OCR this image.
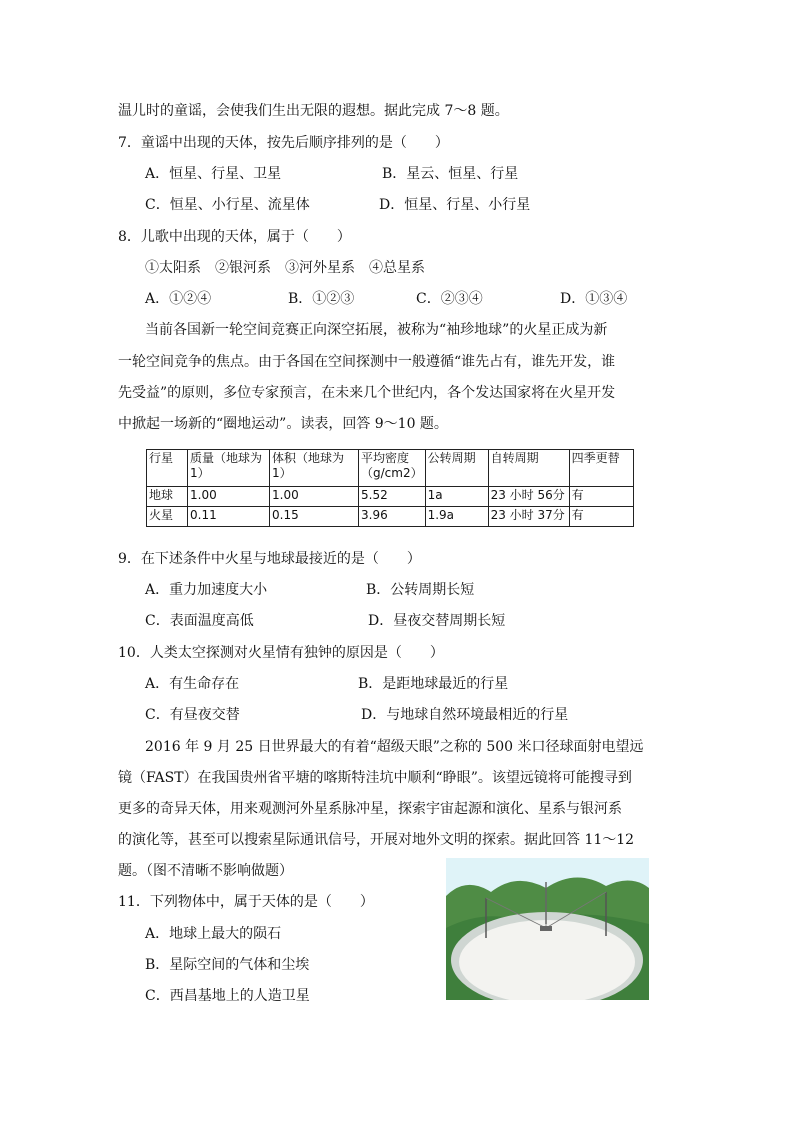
温儿时的童谣，会使我们生出无限的遐想。据此完成 7～8 题。
7．童谣中出现的天体，按先后顺序排列的是（　　）
A．恒星、行星、卫星	B．星云、恒星、行星
C．恒星、小行星、流星体	D．恒星、行星、小行星
8．儿歌中出现的天体，属于（　　）
①太阳系　②银河系　③河外星系　④总星系
A．①②④	B．①②③	C．②③④	D．①③④
当前各国新一轮空间竞赛正向深空拓展，被称为“袖珍地球”的火星正成为新
一轮空间竞争的焦点。由于各国在空间探测中一般遵循“谁先占有，谁先开发，谁
先受益”的原则，多位专家预言，在未来几个世纪内，各个发达国家将在火星开发
中掀起一场新的“圈地运动”。读表，回答 9～10 题。
行星	质量（地球为 1）	体积（地球为 1）	平均密度（g/cm2）	公转周期	自转周期	四季更替
地球	1.00	1.00	5.52	1a	23 小时 56分	有
火星	0.11	0.15	3.96	1.9a	23 小时 37分	有
9．在下述条件中火星与地球最接近的是（　　）
A．重力加速度大小	B．公转周期长短
C．表面温度高低	D．昼夜交替周期长短
10．人类太空探测对火星情有独钟的原因是（　　）
A．有生命存在	B．是距地球最近的行星
C．有昼夜交替	D．与地球自然环境最相近的行星
2016 年 9 月 25 日世界最大的有着“超级天眼”之称的 500 米口径球面射电望远
镜（FAST）在我国贵州省平塘的喀斯特洼坑中顺利“睁眼”。该望远镜将可能搜寻到
更多的奇异天体，用来观测河外星系脉冲星，探索宇宙起源和演化、星系与银河系
的演化等，甚至可以搜索星际通讯信号，开展对地外文明的探索。据此回答 11～12
题。（图不清晰不影响做题）
11．下列物体中，属于天体的是（　　）
A．地球上最大的陨石
B．星际空间的气体和尘埃
C．西昌基地上的人造卫星
